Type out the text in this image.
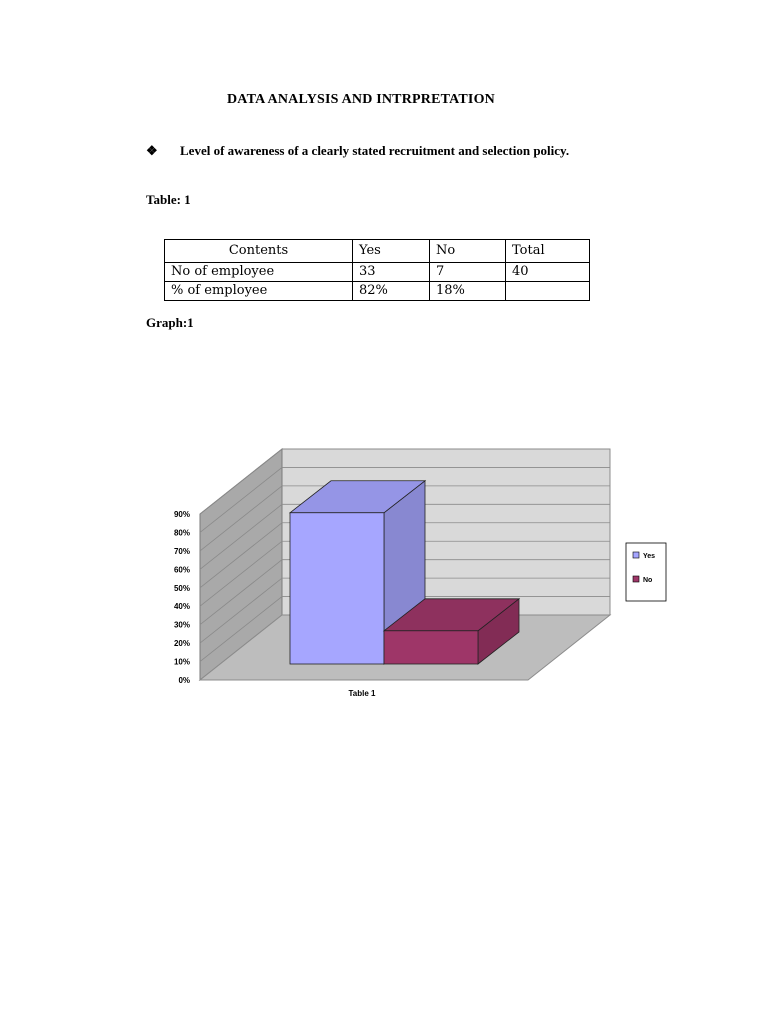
DATA ANALYSIS AND INTRPRETATION
❖ Level of awareness of a clearly stated recruitment and selection policy.
Table: 1
Contents	Yes	No	Total
No of employee	33	7	40
% of employee	82%	18%	
Graph:1
0%
10%
20%
30%
40%
50%
60%
70%
80%
90%
Table 1
Yes
No
